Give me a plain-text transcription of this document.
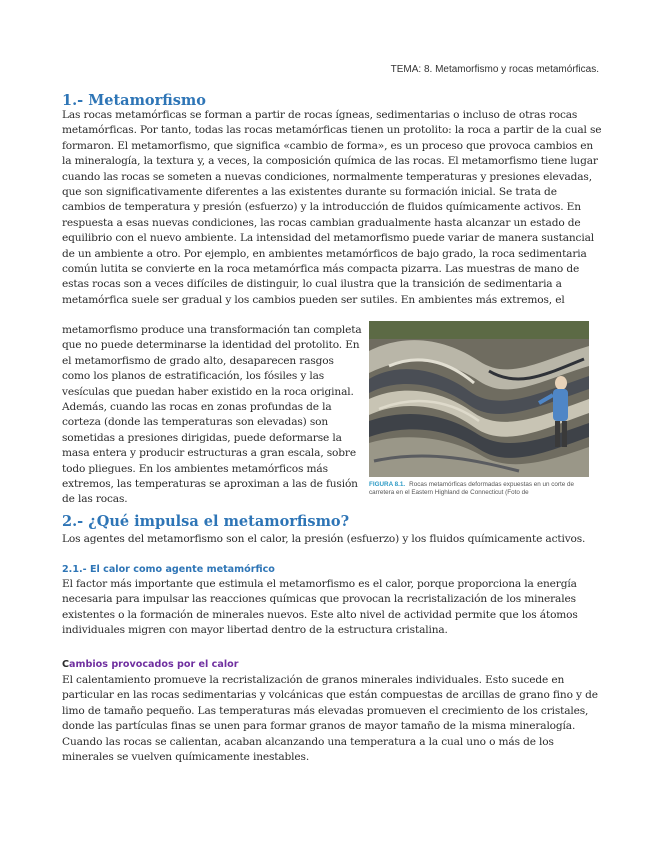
TEMA: 8. Metamorfismo y rocas metamórficas.
1.- Metamorfismo

Las rocas metamórficas se forman a partir de rocas ígneas, sedimentarias o incluso de otras rocas metamórficas. Por tanto, todas las rocas metamórficas tienen un protolito: la roca a partir de la cual se formaron. El metamorfismo, que significa «cambio de forma», es un proceso que provoca cambios en la mineralogía, la textura y, a veces, la composición química de las rocas. El metamorfismo tiene lugar cuando las rocas se someten a nuevas condiciones, normalmente temperaturas y presiones elevadas, que son significativamente diferentes a las existentes durante su formación inicial. Se trata de cambios de temperatura y presión (esfuerzo) y la introducción de fluidos químicamente activos. En respuesta a esas nuevas condiciones, las rocas cambian gradualmente hasta alcanzar un estado de equilibrio con el nuevo ambiente. La intensidad del metamorfismo puede variar de manera sustancial de un ambiente a otro. Por ejemplo, en ambientes metamórficos de bajo grado, la roca sedimentaria común lutita se convierte en la roca metamórfica más compacta pizarra. Las muestras de mano de estas rocas son a veces difíciles de distinguir, lo cual ilustra que la transición de sedimentaria a metamórfica suele ser gradual y los cambios pueden ser sutiles. En ambientes más extremos, el

metamorfismo produce una transformación tan completa que no puede determinarse la identidad del protolito. En el metamorfismo de grado alto, desaparecen rasgos como los planos de estratificación, los fósiles y las vesículas que puedan haber existido en la roca original. Además, cuando las rocas en zonas profundas de la corteza (donde las temperaturas son elevadas) son sometidas a presiones dirigidas, puede deformarse la masa entera y producir estructuras a gran escala, sobre todo pliegues. En los ambientes metamórficos más extremos, las temperaturas se aproximan a las de fusión de las rocas.

FIGURA 8.1. Rocas metamórficas deformadas expuestas en un corte de carretera en el Eastern Highland de Connecticut (Foto de
2.- ¿Qué impulsa el metamorfismo?

Los agentes del metamorfismo son el calor, la presión (esfuerzo) y los fluidos químicamente activos.

2.1.- El calor como agente metamórfico

El factor más importante que estimula el metamorfismo es el calor, porque proporciona la energía necesaria para impulsar las reacciones químicas que provocan la recristalización de los minerales existentes o la formación de minerales nuevos. Este alto nivel de actividad permite que los átomos individuales migren con mayor libertad dentro de la estructura cristalina.

Cambios provocados por el calor

El calentamiento promueve la recristalización de granos minerales individuales. Esto sucede en particular en las rocas sedimentarias y volcánicas que están compuestas de arcillas de grano fino y de limo de tamaño pequeño. Las temperaturas más elevadas promueven el crecimiento de los cristales, donde las partículas finas se unen para formar granos de mayor tamaño de la misma mineralogía. Cuando las rocas se calientan, acaban alcanzando una temperatura a la cual uno o más de los minerales se vuelven químicamente inestables.
